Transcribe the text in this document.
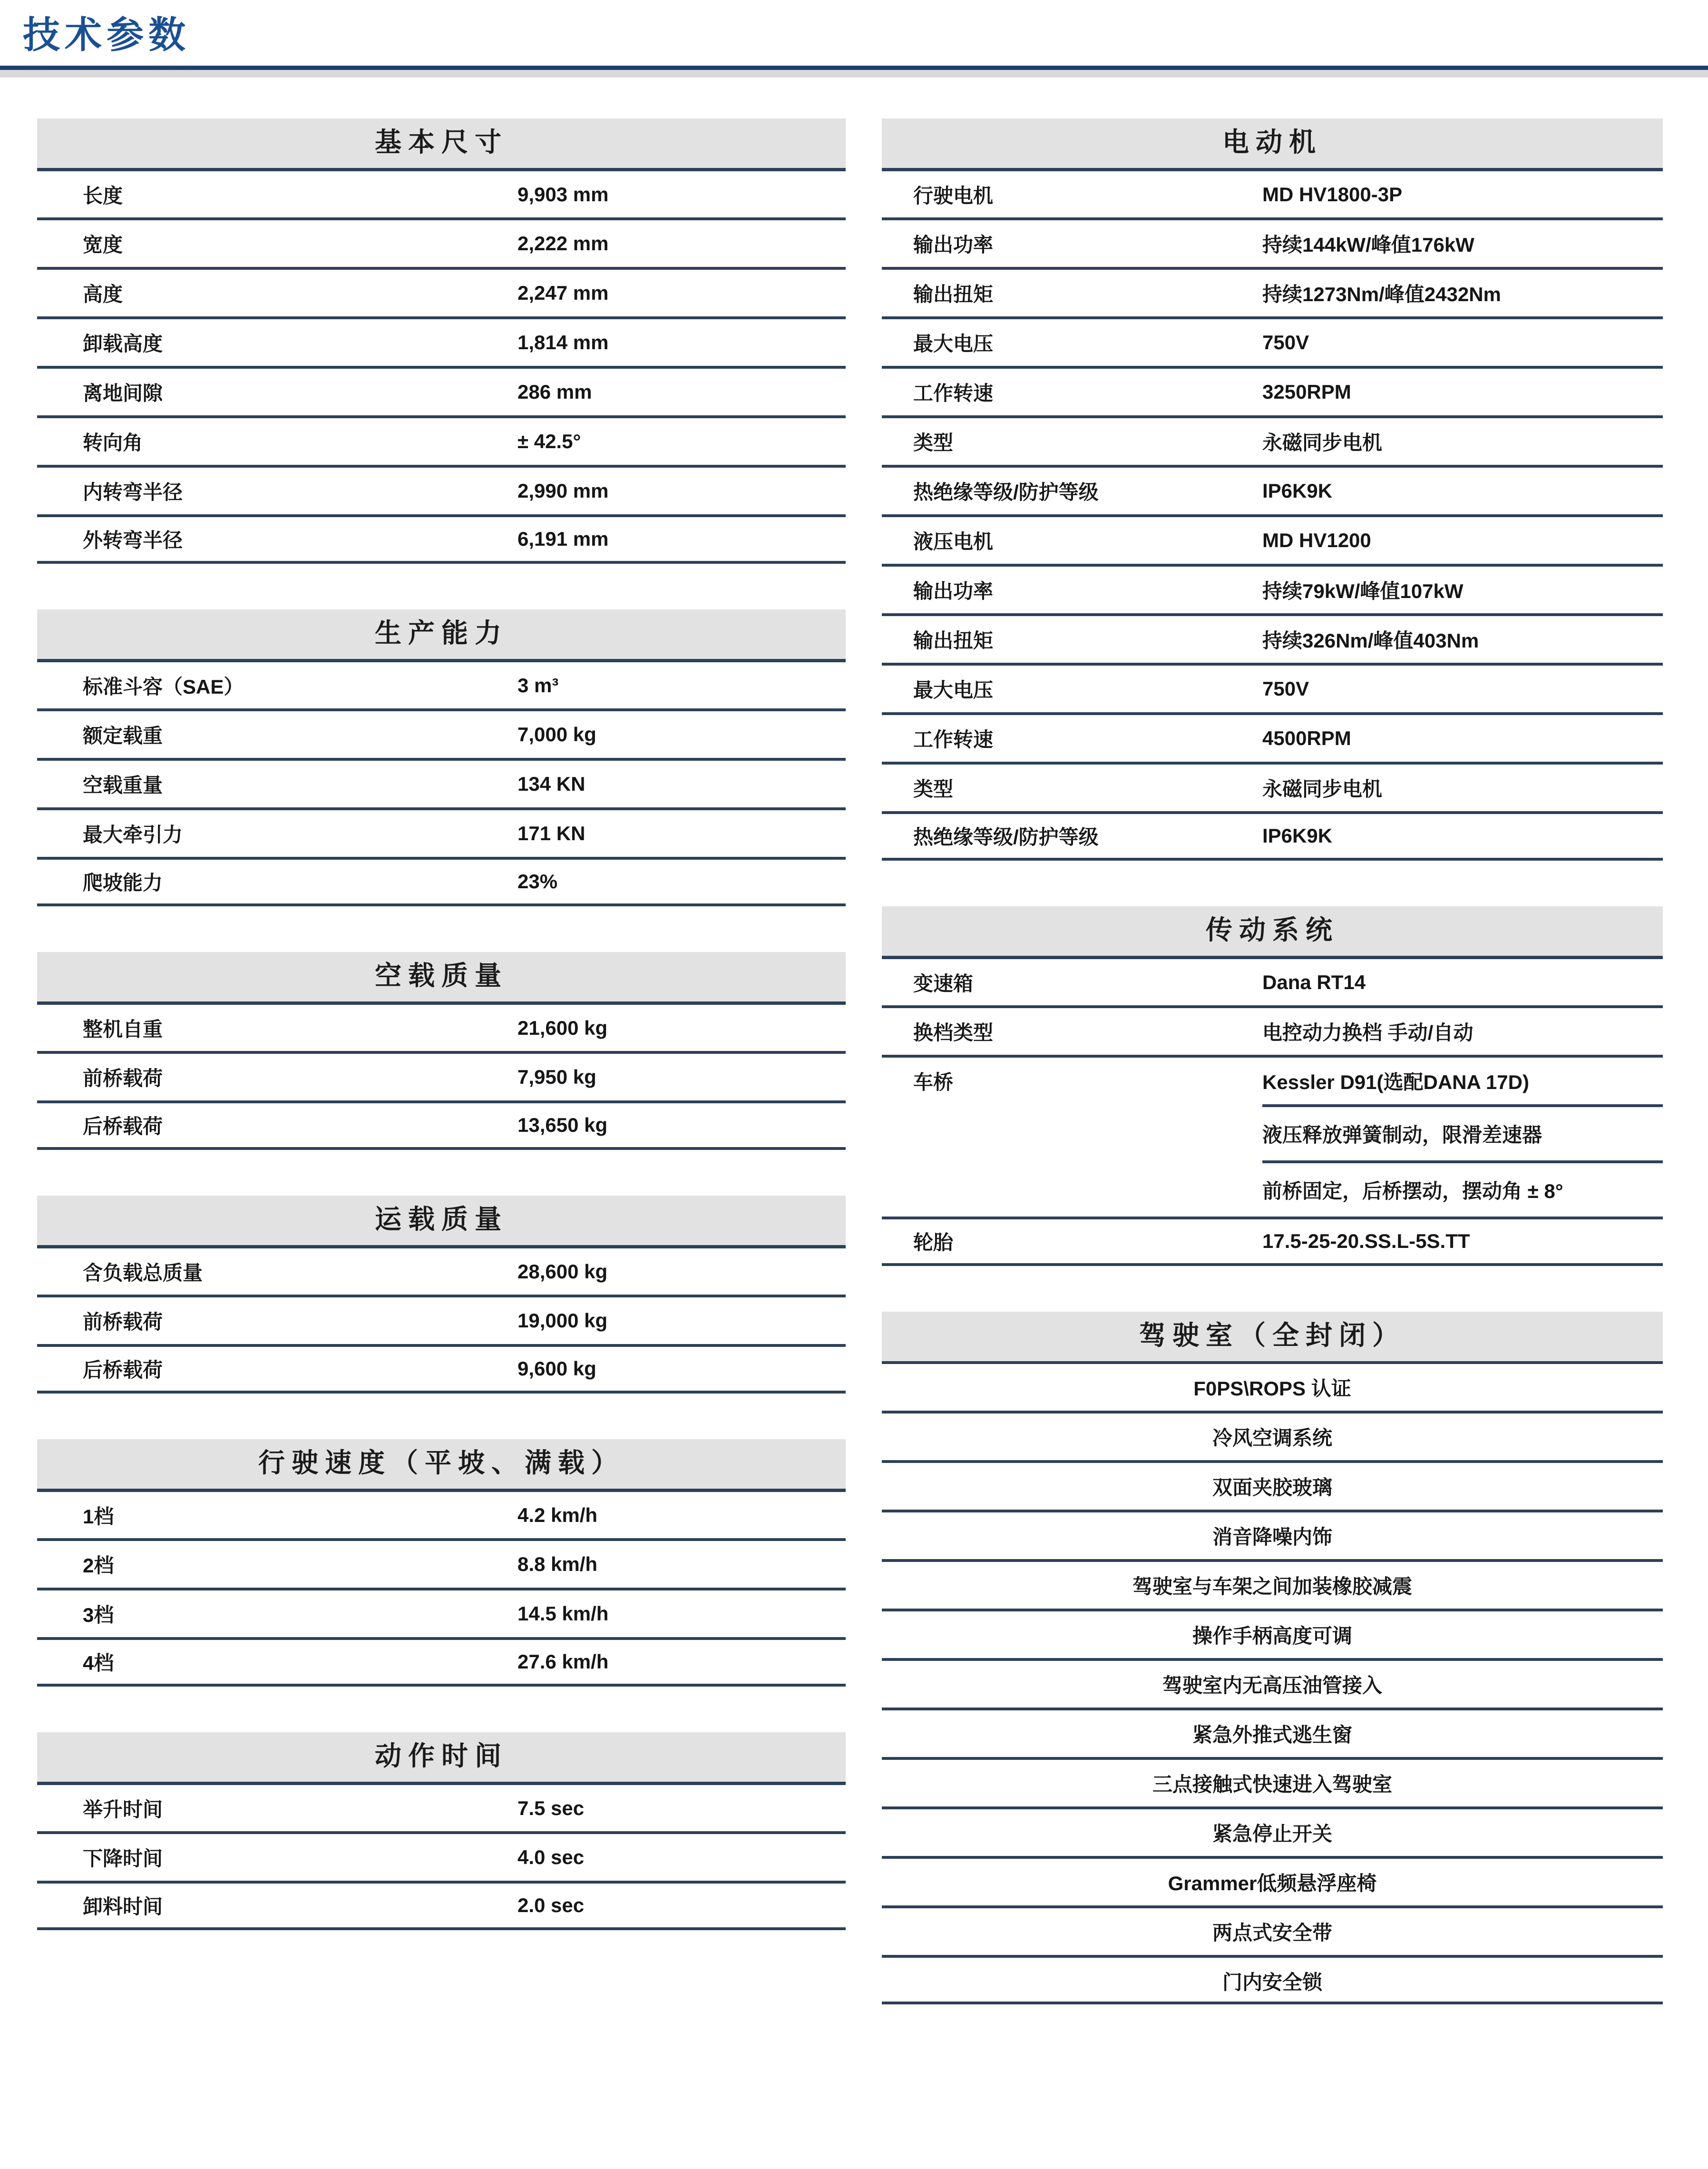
技术参数
基本尺寸
长度	9,903 mm
宽度	2,222 mm
高度	2,247 mm
卸载高度	1,814 mm
离地间隙	286 mm
转向角	± 42.5°
内转弯半径	2,990 mm
外转弯半径	6,191 mm
生产能力
标准斗容（SAE）	3 m³
额定载重	7,000 kg
空载重量	134 KN
最大牵引力	171 KN
爬坡能力	23%
空载质量
整机自重	21,600 kg
前桥载荷	7,950 kg
后桥载荷	13,650 kg
运载质量
含负载总质量	28,600 kg
前桥载荷	19,000 kg
后桥载荷	9,600 kg
行驶速度（平坡、满载）
1档	4.2 km/h
2档	8.8 km/h
3档	14.5 km/h
4档	27.6 km/h
动作时间
举升时间	7.5 sec
下降时间	4.0 sec
卸料时间	2.0 sec
电动机
行驶电机	MD HV1800-3P
输出功率	持续144kW/峰值176kW
输出扭矩	持续1273Nm/峰值2432Nm
最大电压	750V
工作转速	3250RPM
类型	永磁同步电机
热绝缘等级/防护等级	IP6K9K
液压电机	MD HV1200
输出功率	持续79kW/峰值107kW
输出扭矩	持续326Nm/峰值403Nm
最大电压	750V
工作转速	4500RPM
类型	永磁同步电机
热绝缘等级/防护等级	IP6K9K
传动系统
变速箱	Dana RT14
换档类型	电控动力换档 手动/自动
车桥	Kessler D91(选配DANA 17D)
液压释放弹簧制动，限滑差速器
前桥固定，后桥摆动，摆动角 ± 8°
轮胎	17.5-25-20.SS.L-5S.TT
驾驶室（全封闭）
F0PS\ROPS 认证
冷风空调系统
双面夹胶玻璃
消音降噪内饰
驾驶室与车架之间加装橡胶减震
操作手柄高度可调
驾驶室内无高压油管接入
紧急外推式逃生窗
三点接触式快速进入驾驶室
紧急停止开关
Grammer低频悬浮座椅
两点式安全带
门内安全锁
